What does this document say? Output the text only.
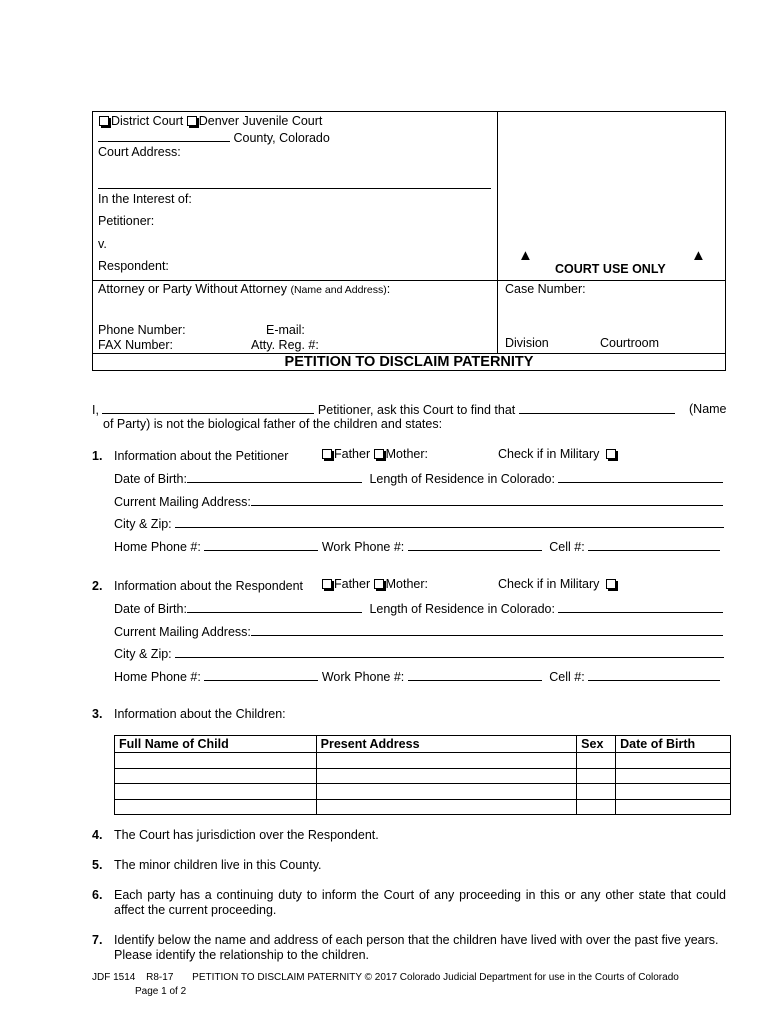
District Court Denver Juvenile Court
County, Colorado
Court Address:
In the Interest of:
Petitioner:
v.
Respondent:
▲
COURT USE ONLY
▲
Attorney or Party Without Attorney (Name and Address):
Phone Number:	E-mail:
FAX Number:	Atty. Reg. #:
Case Number:
Division	Courtroom
PETITION TO DISCLAIM PATERNITY
I,	Petitioner, ask this Court to find that	(Name
of Party) is not the biological father of the children and states:
1. Information about the Petitioner	Father Mother:	Check if in Military
Date of Birth:	Length of Residence in Colorado:
Current Mailing Address:
City & Zip:
Home Phone #:	Work Phone #:	Cell #:
2. Information about the Respondent	Father Mother:	Check if in Military
Date of Birth:	Length of Residence in Colorado:
Current Mailing Address:
City & Zip:
Home Phone #:	Work Phone #:	Cell #:
3. Information about the Children:
Full Name of Child	Present Address	Sex	Date of Birth

4. The Court has jurisdiction over the Respondent.
5. The minor children live in this County.
6. Each party has a continuing duty to inform the Court of any proceeding in this or any other state that could
affect the current proceeding.
7. Identify below the name and address of each person that the children have lived with over the past five years.
Please identify the relationship to the children.
JDF 1514 R8-17 PETITION TO DISCLAIM PATERNITY © 2017 Colorado Judicial Department for use in the Courts of Colorado
Page 1 of 2
